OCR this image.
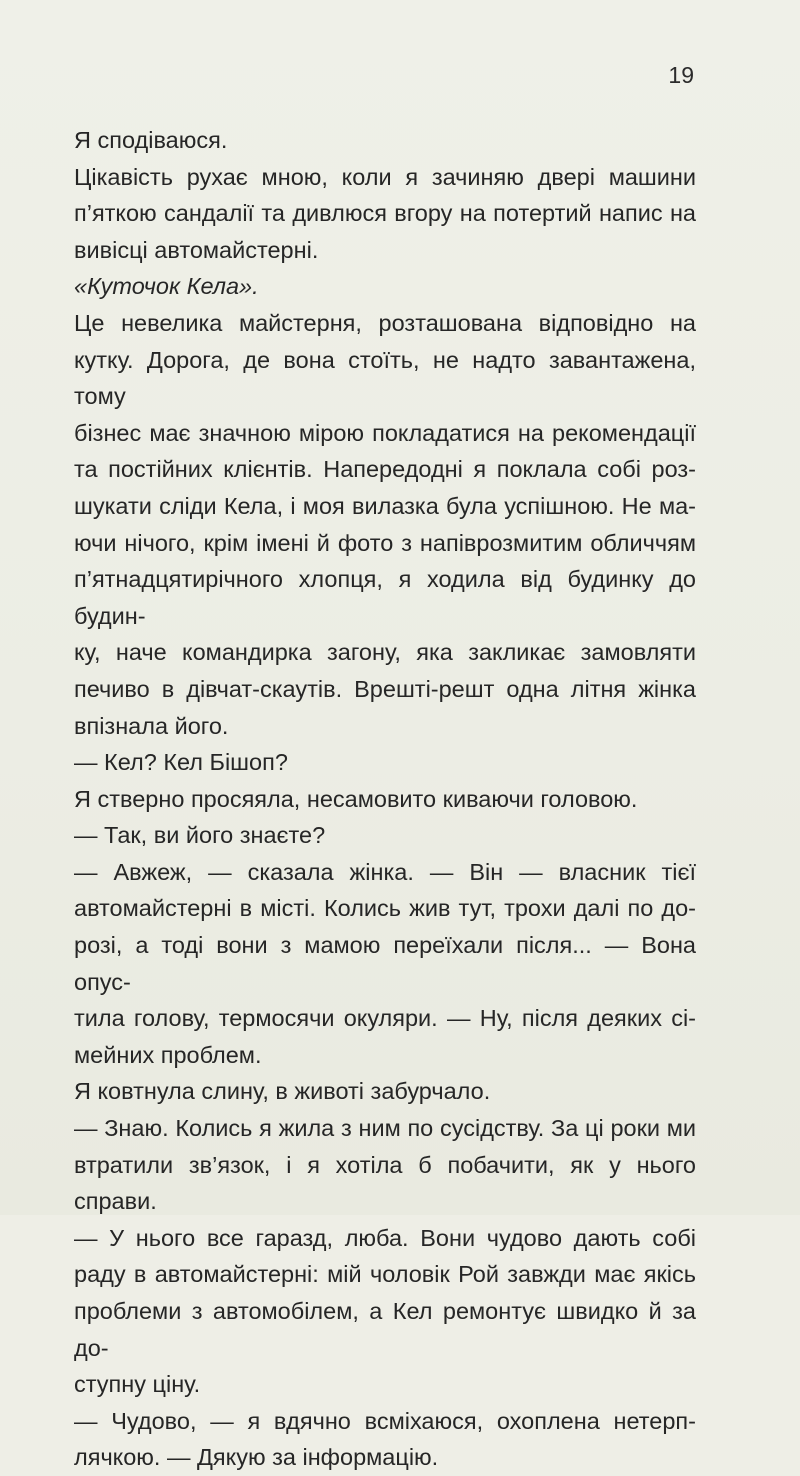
19

Я сподіваюся.

Цікавість рухає мною, коли я зачиняю двері машини

п’яткою сандалії та дивлюся вгору на потертий напис на

вивісці автомайстерні.

«Куточок Кела».

Це невелика майстерня, розташована відповідно на

кутку. Дорога, де вона стоїть, не надто завантажена, тому

бізнес має значною мірою покладатися на рекомендації

та постійних клієнтів. Напередодні я поклала собі роз-

шукати сліди Кела, і моя вилазка була успішною. Не ма-

ючи нічого, крім імені й фото з напіврозмитим обличчям

п’ятнадцятирічного хлопця, я ходила від будинку до будин-

ку, наче командирка загону, яка закликає замовляти

печиво в дівчат-скаутів. Врешті-решт одна літня жінка

впізнала його.

— Кел? Кел Бішоп?

Я стверно просяяла, несамовито киваючи головою.

— Так, ви його знаєте?

— Авжеж, — сказала жінка. — Він — власник тієї

автомайстерні в місті. Колись жив тут, трохи далі по до-

розі, а тоді вони з мамою переїхали після... — Вона опус-

тила голову, термосячи окуляри. — Ну, після деяких сі-

мейних проблем.

Я ковтнула слину, в животі забурчало.

— Знаю. Колись я жила з ним по сусідству. За ці роки ми

втратили зв’язок, і я хотіла б побачити, як у нього справи.

— У нього все гаразд, люба. Вони чудово дають собі

раду в автомайстерні: мій чоловік Рой завжди має якісь

проблеми з автомобілем, а Кел ремонтує швидко й за до-

ступну ціну.

— Чудово, — я вдячно всміхаюся, охоплена нетерп-

лячкою. — Дякую за інформацію.
